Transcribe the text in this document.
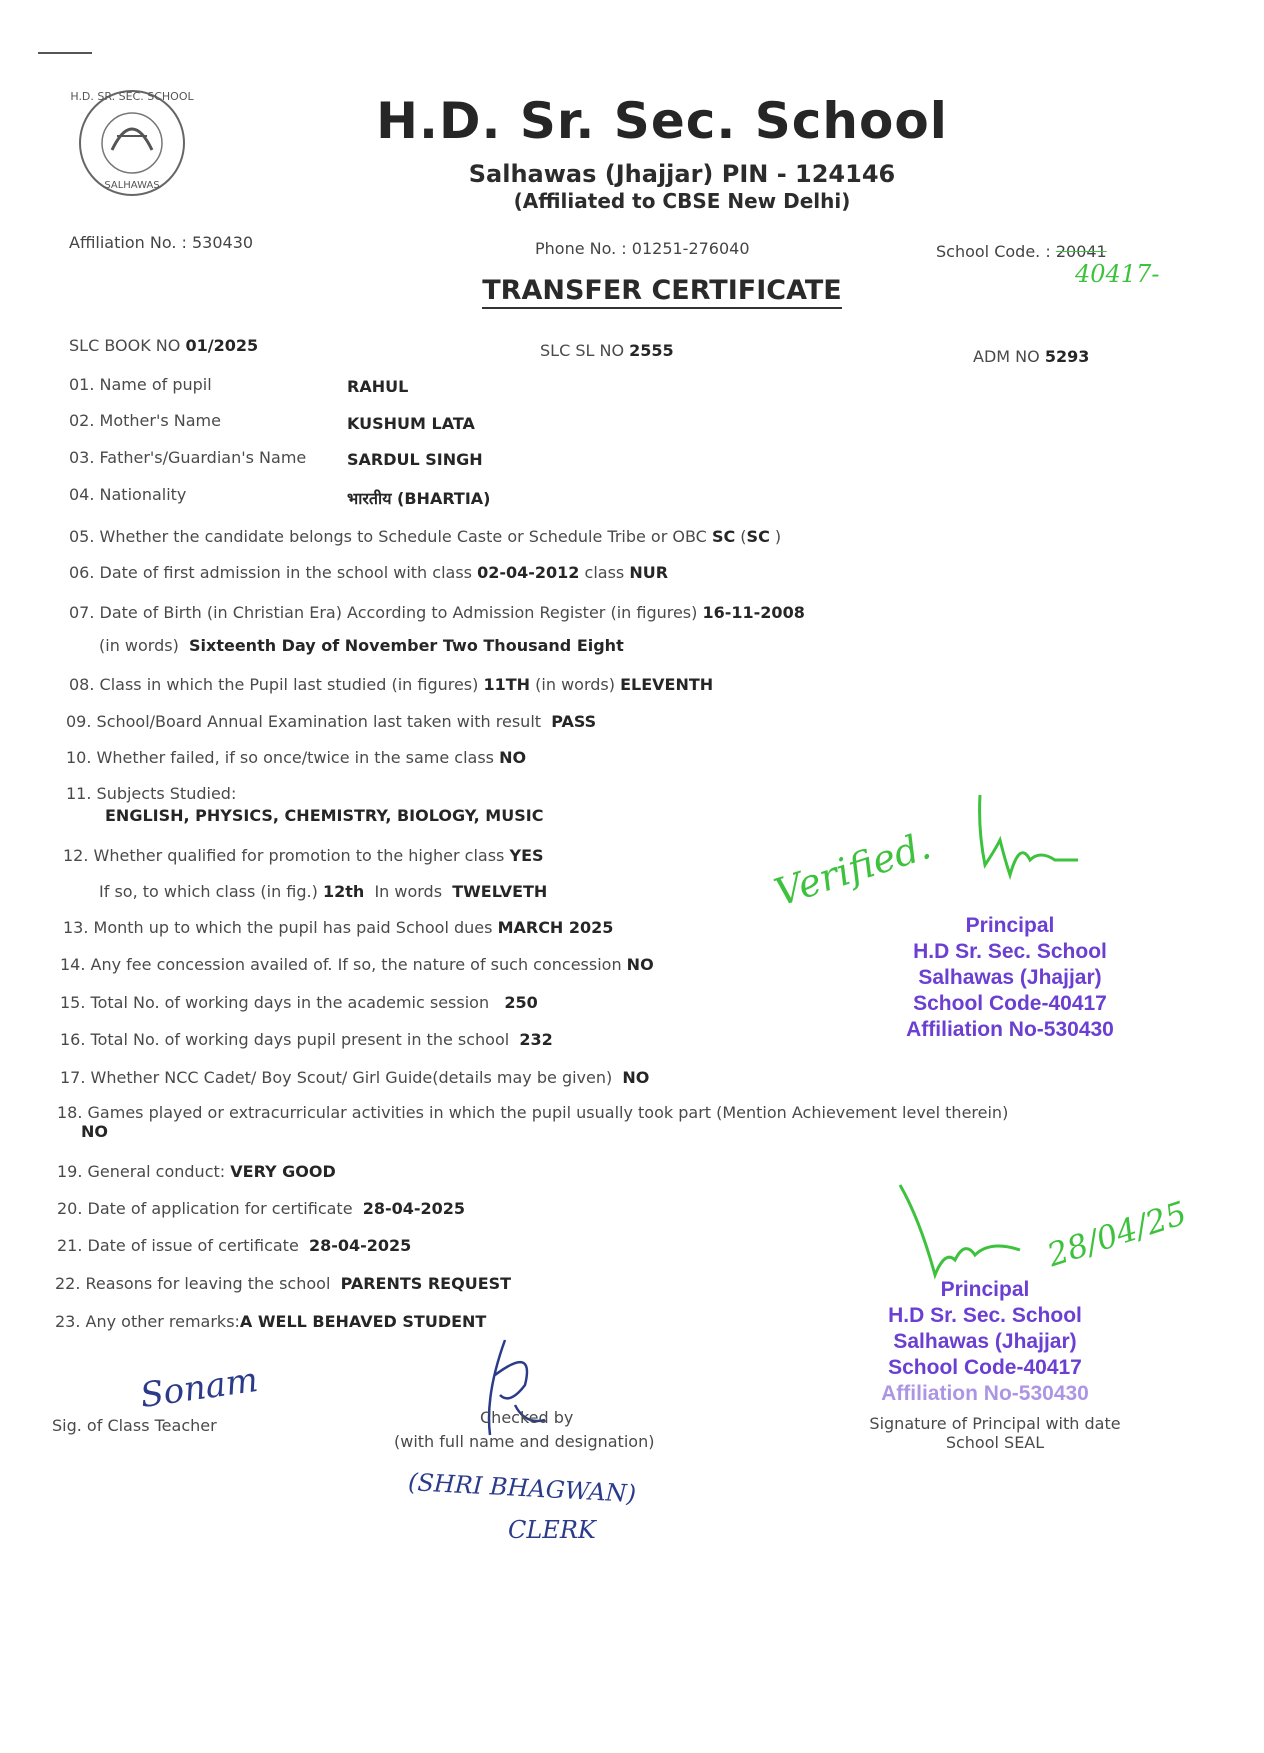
H.D. SR. SEC. SCHOOL
SALHAWAS
H.D. Sr. Sec. School
Salhawas (Jhajjar) PIN - 124146
(Affiliated to CBSE New Delhi)
Affiliation No. : 530430	Phone No. : 01251-276040	School Code. : 20041
40417-
TRANSFER CERTIFICATE
SLC BOOK NO 01/2025	SLC SL NO 2555	ADM NO 5293
01. Name of pupil	RAHUL
02. Mother's Name	KUSHUM LATA
03. Father's/Guardian's Name	SARDUL SINGH
04. Nationality	भारतीय (BHARTIA)
05. Whether the candidate belongs to Schedule Caste or Schedule Tribe or OBC SC (SC )
06. Date of first admission in the school with class 02-04-2012 class NUR
07. Date of Birth (in Christian Era) According to Admission Register (in figures) 16-11-2008
(in words) Sixteenth Day of November Two Thousand Eight
08. Class in which the Pupil last studied (in figures) 11TH (in words) ELEVENTH
09. School/Board Annual Examination last taken with result PASS
10. Whether failed, if so once/twice in the same class NO
11. Subjects Studied:
ENGLISH, PHYSICS, CHEMISTRY, BIOLOGY, MUSIC
12. Whether qualified for promotion to the higher class YES
If so, to which class (in fig.) 12th In words TWELVETH
13. Month up to which the pupil has paid School dues MARCH 2025
14. Any fee concession availed of. If so, the nature of such concession NO
15. Total No. of working days in the academic session 250
16. Total No. of working days pupil present in the school 232
17. Whether NCC Cadet/ Boy Scout/ Girl Guide(details may be given) NO
18. Games played or extracurricular activities in which the pupil usually took part (Mention Achievement level therein)
NO
19. General conduct: VERY GOOD
20. Date of application for certificate 28-04-2025
21. Date of issue of certificate 28-04-2025
22. Reasons for leaving the school PARENTS REQUEST
23. Any other remarks:A WELL BEHAVED STUDENT
Verified.
Principal
H.D Sr. Sec. School
Salhawas (Jhajjar)
School Code-40417
Affiliation No-530430
28/04/25
Principal
H.D Sr. Sec. School
Salhawas (Jhajjar)
School Code-40417
Affiliation No-530430
Sonam
Sig. of Class Teacher	Checked by
(with full name and designation)
(SHRI BHAGWAN)
CLERK
Signature of Principal with date
School SEAL
